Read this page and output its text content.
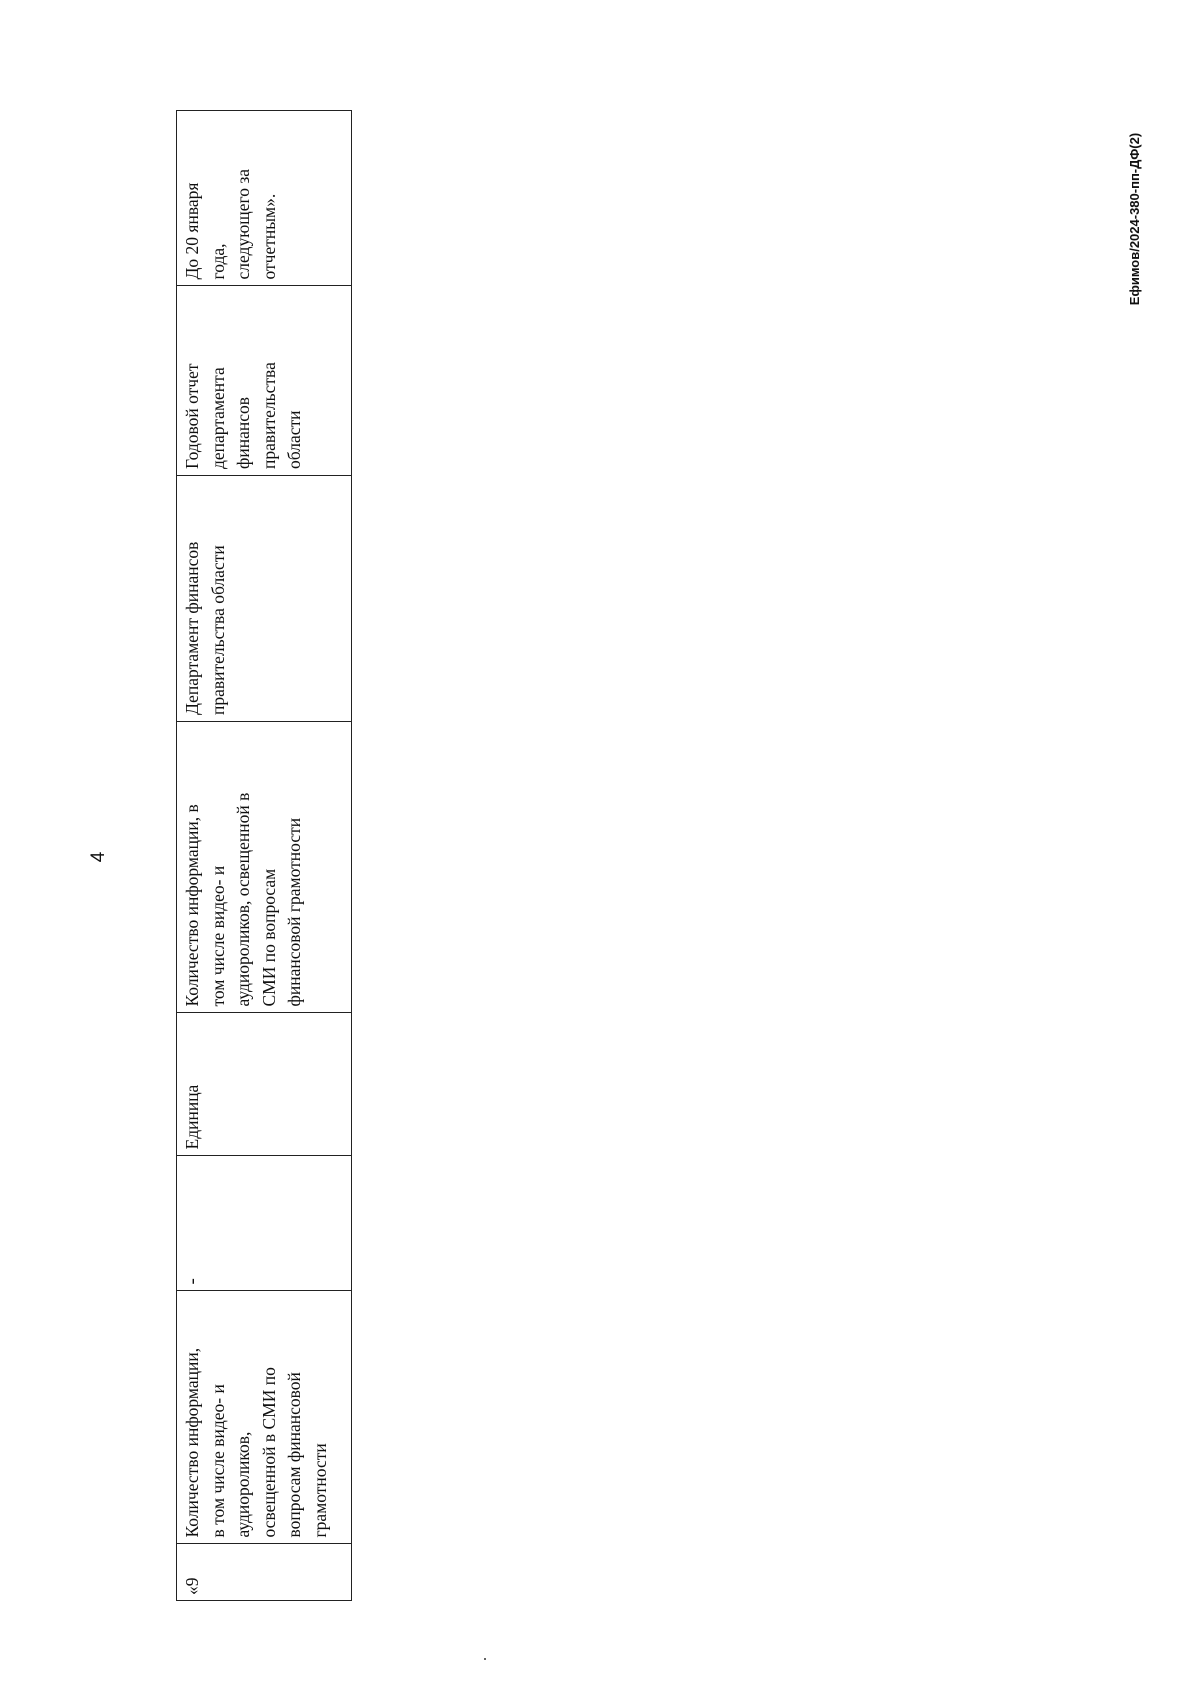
4
Ефимов/2024-380-пп-ДФ(2)
До 20 января
года,
следующего за
отчетным».
Годовой отчет
департамента
финансов
правительства
области
Департамент финансов
правительства области
Количество информации, в
том числе видео- и
аудиороликов, освещенной в
СМИ по вопросам
финансовой грамотности
Единица
-
Количество информации,
в том числе видео- и
аудиороликов,
освещенной в СМИ по
вопросам финансовой
грамотности
«9
